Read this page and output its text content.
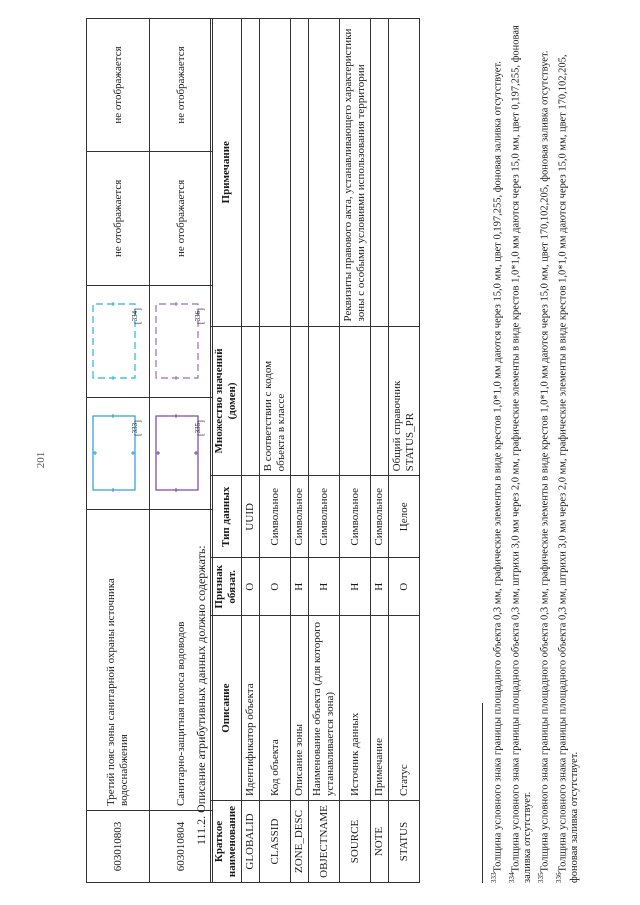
201
603010803	Третий пояс зоны санитарной охраны источника водоснабжения	[333]	[334]	не отображается	не отображается
603010804	Санитарно-защитная полоса водоводов	[335]	[336]	не отображается	не отображается
111.2. Описание атрибутивных данных должно содержать: Краткое наименование	Описание	Признак обязат.	Тип данных	Множество значений (домен)	Примечание
GLOBALID	Идентификатор объекта	О	UUID		
CLASSID	Код объекта	О	Символьное	В соответствии с кодом объекта в классе	
ZONE_DESC	Описание зоны	Н	Символьное		
OBJECTNAME	Наименование объекта (для которого устанавливается зона)	Н	Символьное		
SOURCE	Источник данных	Н	Символьное		Реквизиты правового акта, устанавливающего характеристики зоны с особыми условиями использования территории
NOTE	Примечание	Н	Символьное		
STATUS	Статус	О	Целое	Общий справочник STATUS_PR	

$^{333}$Толщина условного знака границы площадного объекта 0,3 мм, графические элементы в виде крестов 1,0*1,0 мм даются через 15,0 мм, цвет 0,197,255, фоновая заливка отсутствует.

$^{334}$Толщина условного знака границы площадного объекта 0,3 мм, штрихи 3,0 мм через 2,0 мм, графические элементы в виде крестов 1,0*1,0 мм даются через 15,0 мм, цвет 0,197,255, фоновая заливка отсутствует. $^{335}$Толщина условного знака границы площадного объекта 0,3 мм, графические элементы в виде крестов 1,0*1,0 мм даются через 15,0 мм, цвет 170,102,205, фоновая заливка отсутствует.

$^{336}$Толщина условного знака границы площадного объекта 0,3 мм, штрихи 3,0 мм через 2,0 мм, графические элементы в виде крестов 1,0*1,0 мм даются через 15,0 мм, цвет 170,102,205, фоновая заливка отсутствует.
